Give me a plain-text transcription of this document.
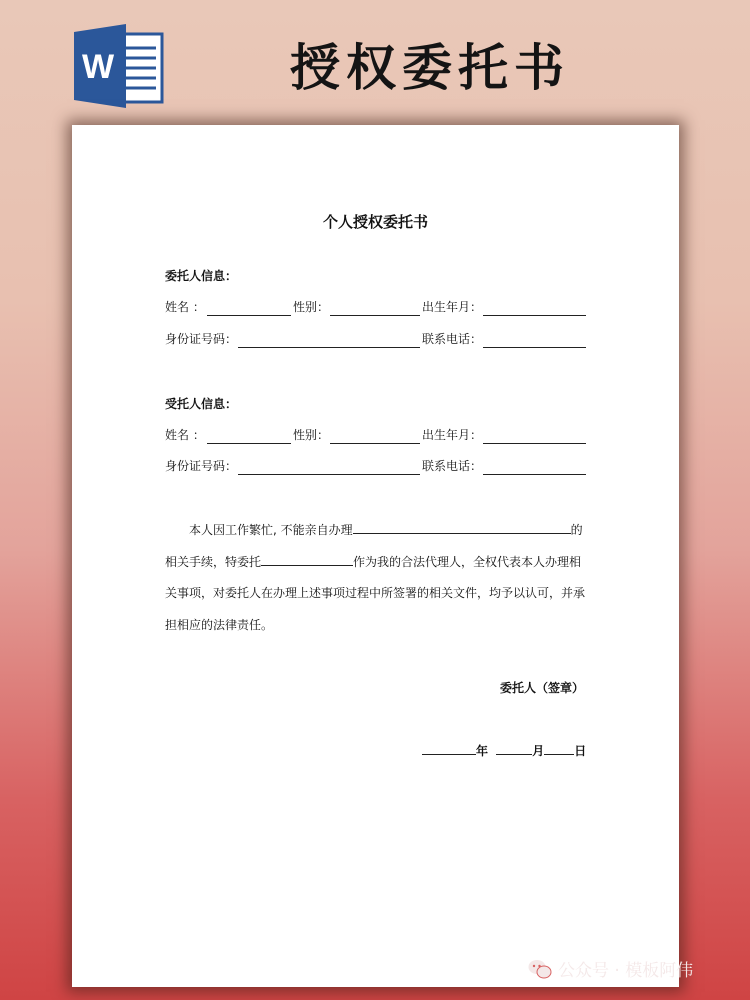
W	授权委托书
个人授权委托书
委托人信息：
姓名 ：	性别：	出生年月：
身份证号码：	联系电话：
受托人信息：
姓名 ：	性别：	出生年月：
身份证号码：	联系电话：
本人因工作繁忙, 不能亲自办理	的
相关手续，特委托	作为我的合法代理人，全权代表本人办理相
关事项，对委托人在办理上述事项过程中所签署的相关文件，均予以认可，并承
担相应的法律责任。
委托人（签章）
年	月	日
公众号 · 模板阿伟
